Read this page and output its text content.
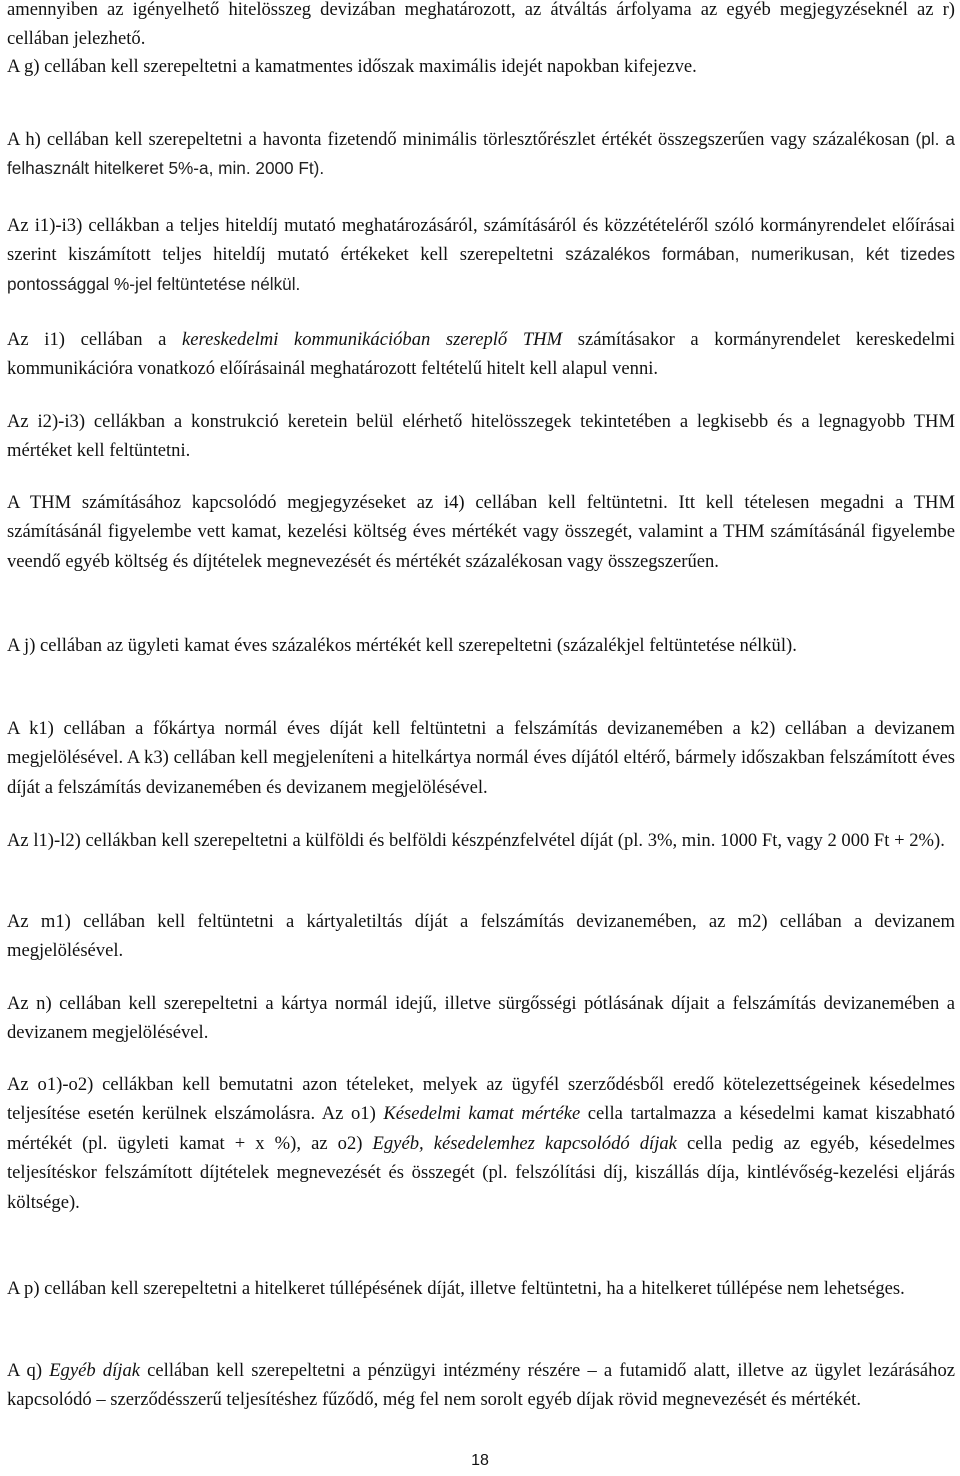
amennyiben az igényelhető hitelösszeg devizában meghatározott, az átváltás árfolyama az egyéb megjegyzéseknél az r) cellában jelezhető.

A g) cellában kell szerepeltetni a kamatmentes időszak maximális idejét napokban kifejezve.

A h) cellában kell szerepeltetni a havonta fizetendő minimális törlesztőrészlet értékét összegszerűen vagy százalékosan (pl. a felhasznált hitelkeret 5%-a, min. 2000 Ft).

Az i1)-i3) cellákban a teljes hiteldíj mutató meghatározásáról, számításáról és közzétételéről szóló kormányrendelet előírásai szerint kiszámított teljes hiteldíj mutató értékeket kell szerepeltetni százalékos formában, numerikusan, két tizedes pontossággal %-jel feltüntetése nélkül.

Az i1) cellában a kereskedelmi kommunikációban szereplő THM számításakor a kormányrendelet kereskedelmi kommunikációra vonatkozó előírásainál meghatározott feltételű hitelt kell alapul venni.

Az i2)-i3) cellákban a konstrukció keretein belül elérhető hitelösszegek tekintetében a legkisebb és a legnagyobb THM mértéket kell feltüntetni.

A THM számításához kapcsolódó megjegyzéseket az i4) cellában kell feltüntetni. Itt kell tételesen megadni a THM számításánál figyelembe vett kamat, kezelési költség éves mértékét vagy összegét, valamint a THM számításánál figyelembe veendő egyéb költség és díjtételek megnevezését és mértékét százalékosan vagy összegszerűen.

A j) cellában az ügyleti kamat éves százalékos mértékét kell szerepeltetni (százalékjel feltüntetése nélkül).

A k1) cellában a főkártya normál éves díját kell feltüntetni a felszámítás devizanemében a k2) cellában a devizanem megjelölésével. A k3) cellában kell megjeleníteni a hitelkártya normál éves díjától eltérő, bármely időszakban felszámított éves díját a felszámítás devizanemében és devizanem megjelölésével.

Az l1)-l2) cellákban kell szerepeltetni a külföldi és belföldi készpénzfelvétel díját (pl. 3%, min. 1000 Ft, vagy 2 000 Ft + 2%).

Az m1) cellában kell feltüntetni a kártyaletiltás díját a felszámítás devizanemében, az m2) cellában a devizanem megjelölésével.

Az n) cellában kell szerepeltetni a kártya normál idejű, illetve sürgősségi pótlásának díjait a felszámítás devizanemében a devizanem megjelölésével.

Az o1)-o2) cellákban kell bemutatni azon tételeket, melyek az ügyfél szerződésből eredő kötelezettségeinek késedelmes teljesítése esetén kerülnek elszámolásra. Az o1) Késedelmi kamat mértéke cella tartalmazza a késedelmi kamat kiszabható mértékét (pl. ügyleti kamat + x %), az o2) Egyéb, késedelemhez kapcsolódó díjak cella pedig az egyéb, késedelmes teljesítéskor felszámított díjtételek megnevezését és összegét (pl. felszólítási díj, kiszállás díja, kintlévőség-kezelési eljárás költsége).

A p) cellában kell szerepeltetni a hitelkeret túllépésének díját, illetve feltüntetni, ha a hitelkeret túllépése nem lehetséges.

A q) Egyéb díjak cellában kell szerepeltetni a pénzügyi intézmény részére – a futamidő alatt, illetve az ügylet lezárásához kapcsolódó – szerződésszerű teljesítéshez fűződő, még fel nem sorolt egyéb díjak rövid megnevezését és mértékét.

18
